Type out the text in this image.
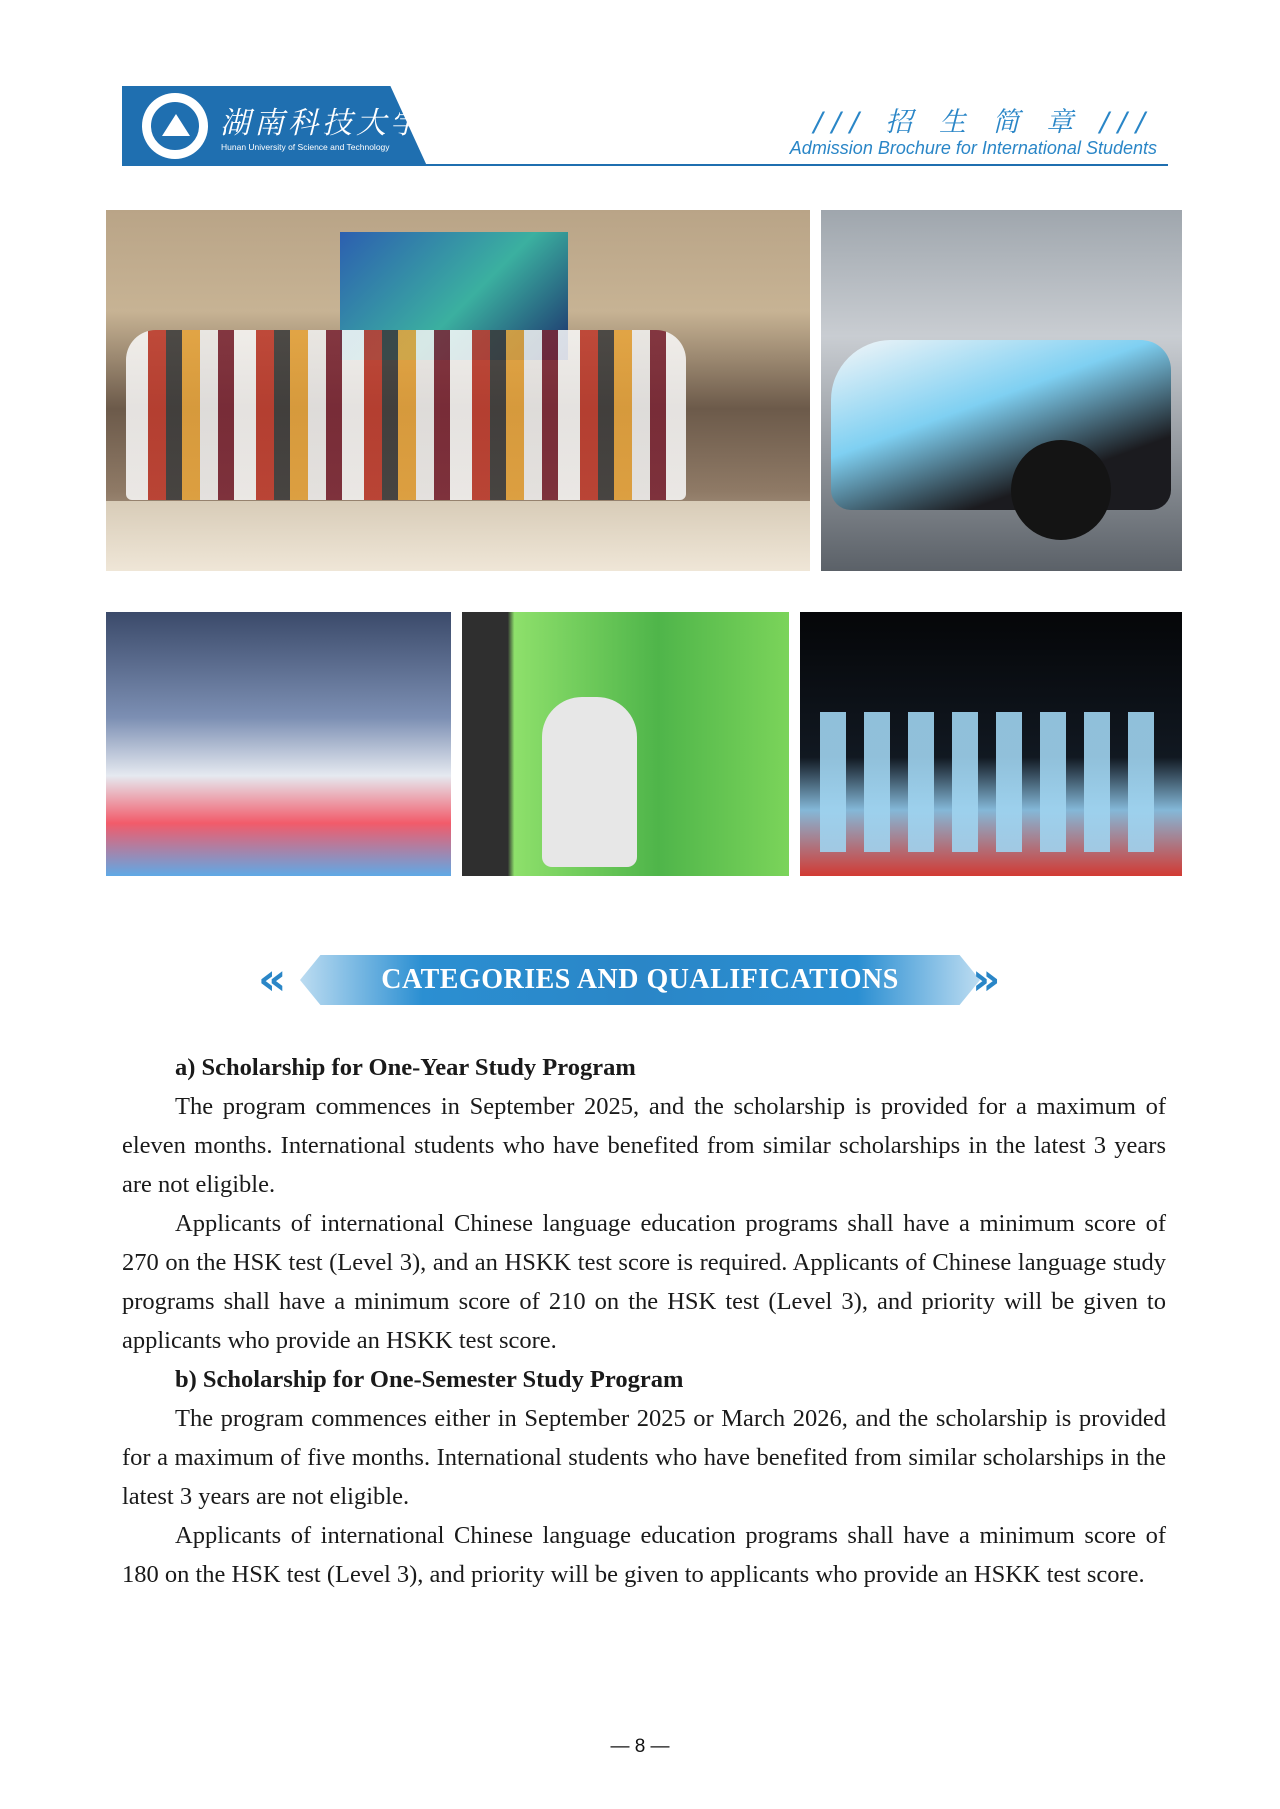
湖南科技大学
Hunan University of Science and Technology
/// 招 生 简 章 ///
Admission Brochure for International Students
«	CATEGORIES AND QUALIFICATIONS	»

a) Scholarship for One-Year Study Program

The program commences in September 2025, and the scholarship is provided for a maximum of eleven months. International students who have benefited from similar scholarships in the latest 3 years are not eligible.

Applicants of international Chinese language education programs shall have a minimum score of 270 on the HSK test (Level 3), and an HSKK test score is required. Applicants of Chinese language study programs shall have a minimum score of 210 on the HSK test (Level 3), and priority will be given to applicants who provide an HSKK test score.

b) Scholarship for One-Semester Study Program

The program commences either in September 2025 or March 2026, and the scholarship is provided for a maximum of five months. International students who have benefited from similar scholarships in the latest 3 years are not eligible.

Applicants of international Chinese language education programs shall have a minimum score of 180 on the HSK test (Level 3), and priority will be given to applicants who provide an HSKK test score.

— 8 —
